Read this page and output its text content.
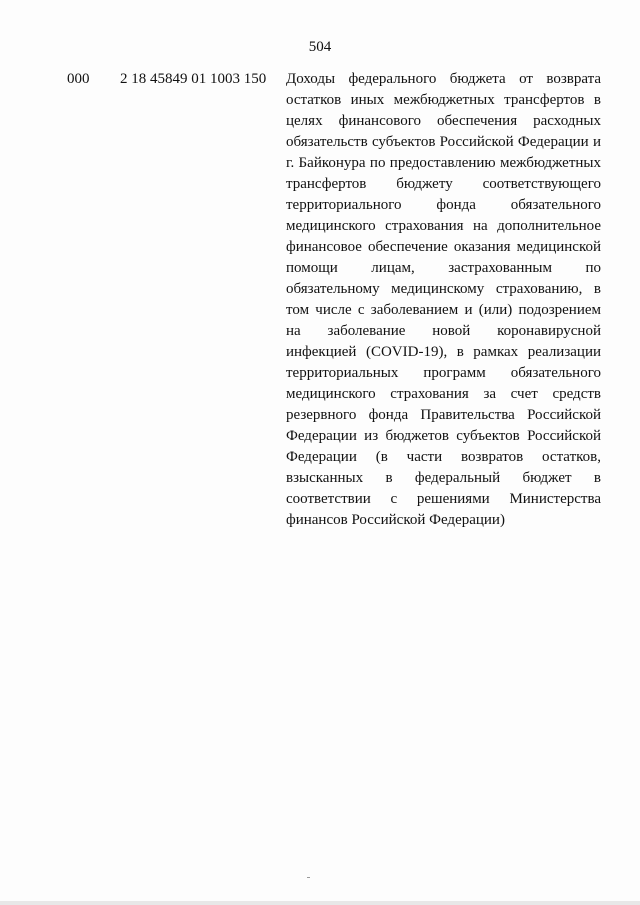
504
000 2 18 45849 01 1003 150 Доходы федерального бюджета от возврата остатков иных межбюджетных трансфертов в целях финансового обеспечения расходных обязательств субъектов Российской Федерации и г. Байконура по предоставлению межбюджетных трансфертов бюджету соответствующего территориального фонда обязательного медицинского страхования на дополнительное финансовое обеспечение оказания медицинской помощи лицам, застрахованным по обязательному медицинскому страхованию, в том числе с заболеванием и (или) подозрением на заболевание новой коронавирусной инфекцией (COVID-19), в рамках реализации территориальных программ обязательного медицинского страхования за счет средств резервного фонда Правительства Российской Федерации из бюджетов субъектов Российской Федерации (в части возвратов остатков, взысканных в федеральный бюджет в соответствии с решениями Министерства финансов Российской Федерации)
